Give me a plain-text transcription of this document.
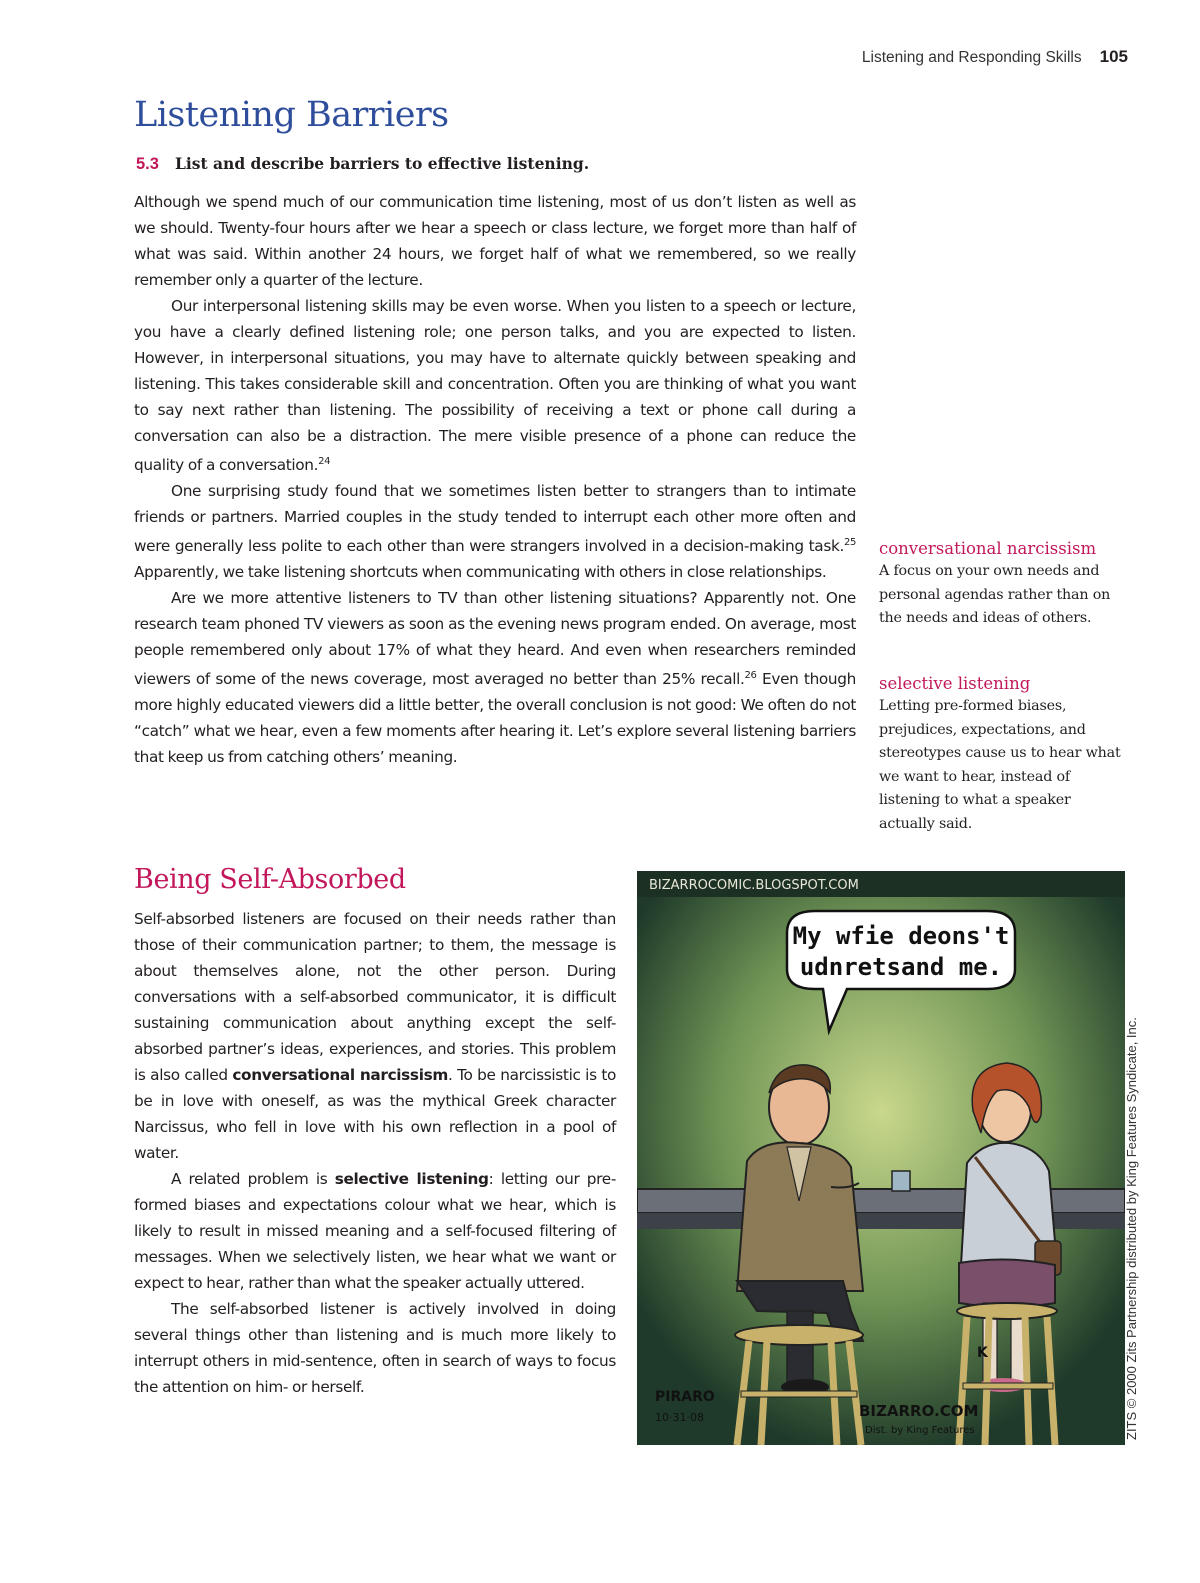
Listening and Responding Skills 105
Listening Barriers
5.3 List and describe barriers to effective listening.

Although we spend much of our communication time listening, most of us don’t listen as well as we should. Twenty-four hours after we hear a speech or class lecture, we forget more than half of what was said. Within another 24 hours, we forget half of what we remembered, so we really remember only a quarter of the lecture.

Our interpersonal listening skills may be even worse. When you listen to a speech or lecture, you have a clearly defined listening role; one person talks, and you are expected to listen. However, in interpersonal situations, you may have to alternate quickly between speaking and listening. This takes considerable skill and concentration. Often you are thinking of what you want to say next rather than listening. The possibility of receiving a text or phone call during a conversation can also be a distraction. The mere visible presence of a phone can reduce the quality of a conversation.$^{24}$

One surprising study found that we sometimes listen better to strangers than to intimate friends or partners. Married couples in the study tended to interrupt each other more often and were generally less polite to each other than were strangers involved in a decision-making task.$^{25}$ Apparently, we take listening shortcuts when communicating with others in close relationships.

Are we more attentive listeners to TV than other listening situations? Apparently not. One research team phoned TV viewers as soon as the evening news program ended. On average, most people remembered only about 17% of what they heard. And even when researchers reminded viewers of some of the news coverage, most averaged no better than 25% recall.$^{26}$ Even though more highly educated viewers did a little better, the overall conclusion is not good: We often do not “catch” what we hear, even a few moments after hearing it. Let’s explore several listening barriers that keep us from catching others’ meaning.

conversational narcissism
A focus on your own needs and personal agendas rather than on the needs and ideas of others.
selective listening
Letting pre-formed biases, prejudices, expectations, and stereotypes cause us to hear what we want to hear, instead of listening to what a speaker actually said.
Being Self-Absorbed

Self-absorbed listeners are focused on their needs rather than those of their communication partner; to them, the message is about themselves alone, not the other person. During conversations with a self-absorbed communicator, it is difficult sustaining communication about anything except the self-absorbed partner’s ideas, experiences, and stories. This problem is also called conversational narcissism. To be narcissistic is to be in love with oneself, as was the mythical Greek character Narcissus, who fell in love with his own reflection in a pool of water.

A related problem is selective listening: letting our pre-formed biases and expectations colour what we hear, which is likely to result in missed meaning and a self-focused filtering of messages. When we selectively listen, we hear what we want or expect to hear, rather than what the speaker actually uttered.

The self-absorbed listener is actively involved in doing several things other than listening and is much more likely to interrupt others in mid-sentence, often in search of ways to focus the attention on him- or herself.

BIZARROCOMIC.BLOGSPOT.COM
My wfie deons't
udnretsand me.
PIRARO
10·31·08
K
BIZARRO.COM
Dist. by King Features	ZITS © 2000 Zits Partnership distributed by King Features Syndicate, Inc.
